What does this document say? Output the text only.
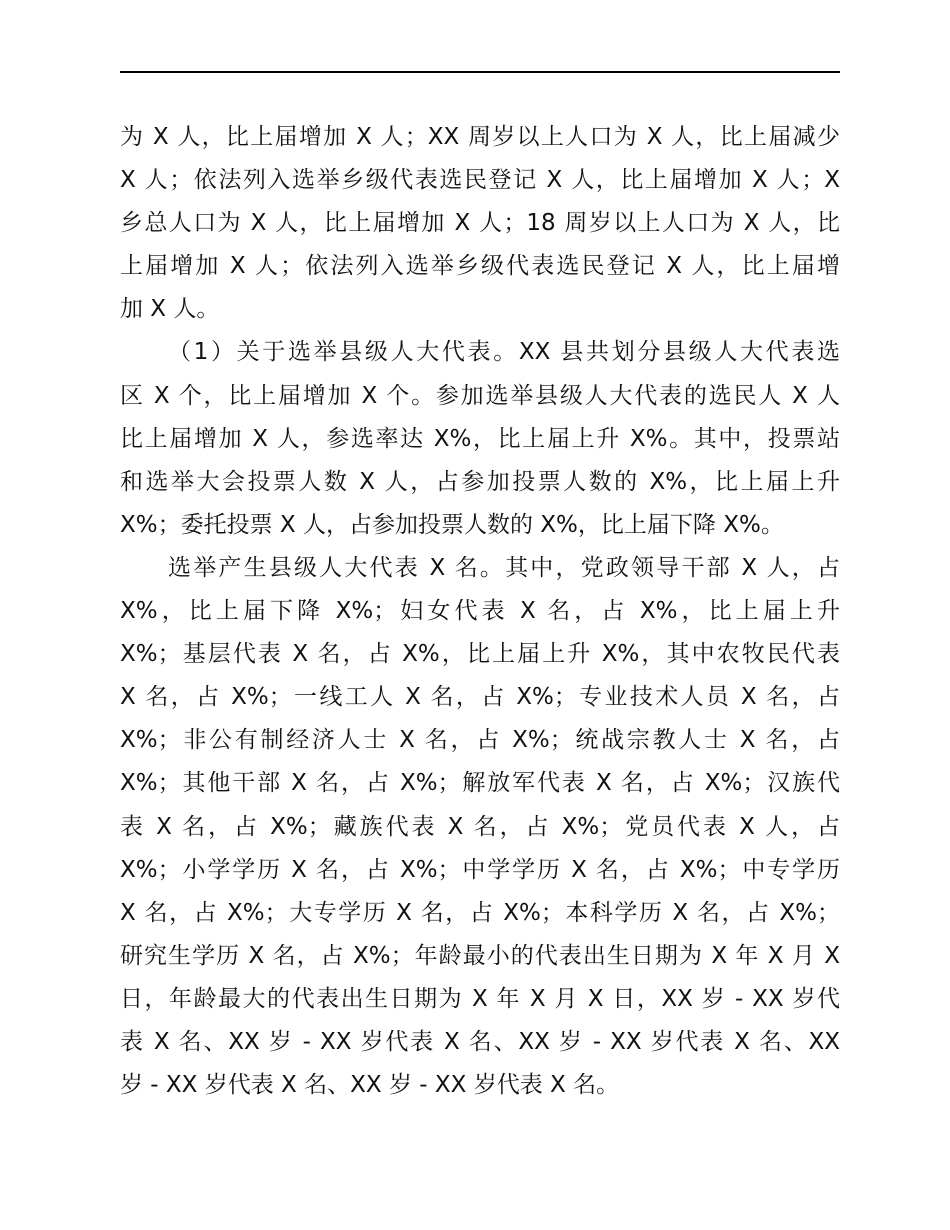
为 X 人，比上届增加 X 人；XX 周岁以上人口为 X 人，比上届减少
X 人；依法列入选举乡级代表选民登记 X 人，比上届增加 X 人；X
乡总人口为 X 人，比上届增加 X 人；18 周岁以上人口为 X 人，比
上届增加 X 人；依法列入选举乡级代表选民登记 X 人，比上届增
加 X 人。
（1）关于选举县级人大代表。XX 县共划分县级人大代表选
区 X 个，比上届增加 X 个。参加选举县级人大代表的选民人 X 人
比上届增加 X 人，参选率达 X%，比上届上升 X%。其中，投票站
和选举大会投票人数 X 人，占参加投票人数的 X%，比上届上升
X%；委托投票 X 人，占参加投票人数的 X%，比上届下降 X%。
选举产生县级人大代表 X 名。其中，党政领导干部 X 人，占
X%，比上届下降 X%；妇女代表 X 名，占 X%，比上届上升
X%；基层代表 X 名，占 X%，比上届上升 X%，其中农牧民代表
X 名，占 X%；一线工人 X 名，占 X%；专业技术人员 X 名，占
X%；非公有制经济人士 X 名，占 X%；统战宗教人士 X 名，占
X%；其他干部 X 名，占 X%；解放军代表 X 名，占 X%；汉族代
表 X 名，占 X%；藏族代表 X 名，占 X%；党员代表 X 人，占
X%；小学学历 X 名，占 X%；中学学历 X 名，占 X%；中专学历
X 名，占 X%；大专学历 X 名，占 X%；本科学历 X 名，占 X%；
研究生学历 X 名，占 X%；年龄最小的代表出生日期为 X 年 X 月 X
日，年龄最大的代表出生日期为 X 年 X 月 X 日，XX 岁 - XX 岁代
表 X 名、XX 岁 - XX 岁代表 X 名、XX 岁 - XX 岁代表 X 名、XX
岁 - XX 岁代表 X 名、XX 岁 - XX 岁代表 X 名。
